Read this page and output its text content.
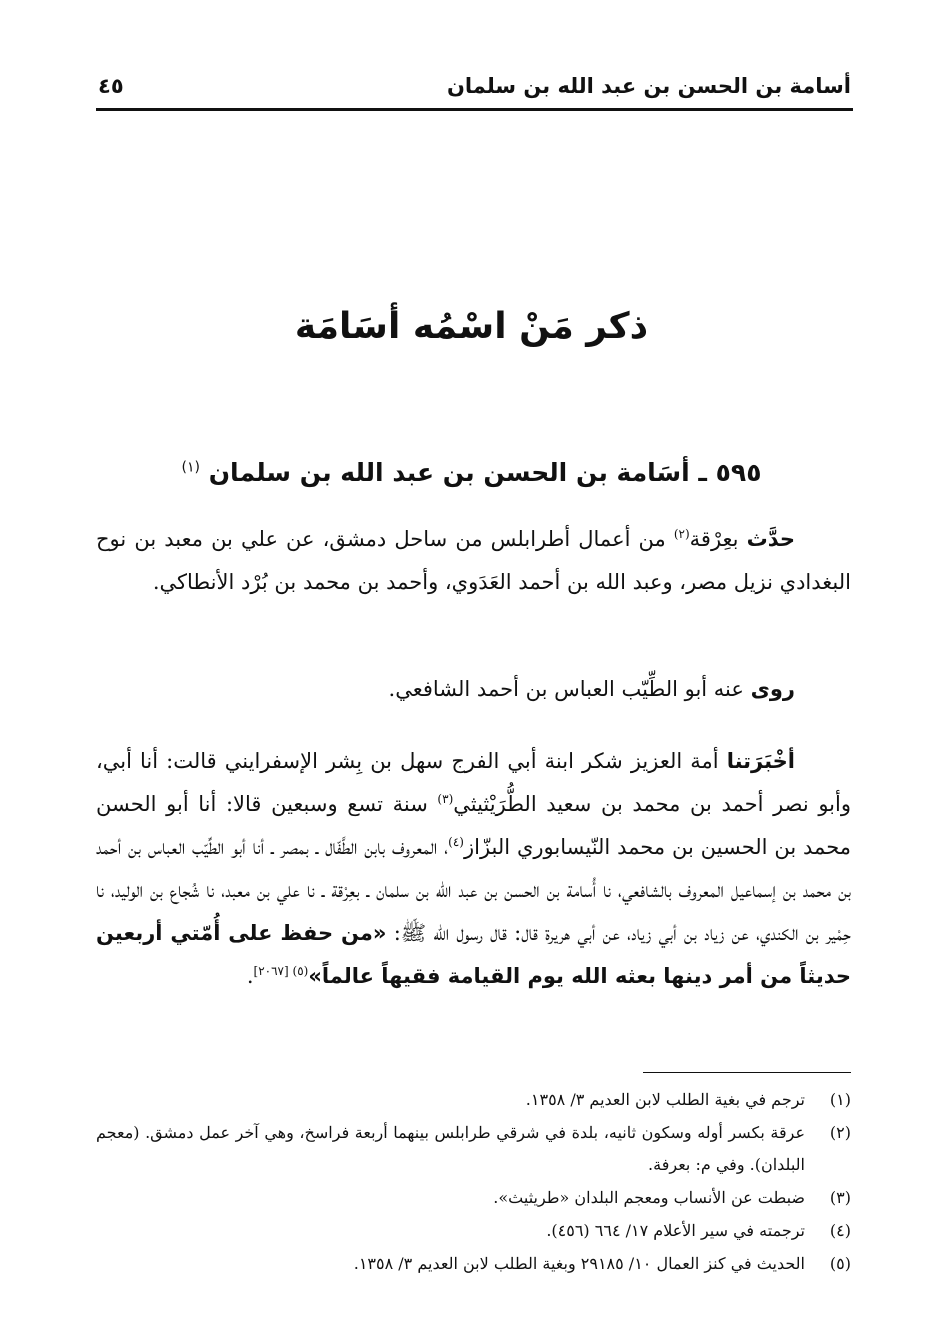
أسامة بن الحسن بن عبد الله بن سلمان
٤٥
ذكر مَنْ اسْمُه أسَامَة
٥٩٥ ـ أسَامة بن الحسن بن عبد الله بن سلمان $^{(١)}$
حدَّث بعِرْقة$^{(٢)}$ من أعمال أطرابلس من ساحل دمشق، عن علي بن معبد بن نوح البغدادي نزيل مصر، وعبد الله بن أحمد العَدَوي، وأحمد بن محمد بن بُرْد الأنطاكي.
روى عنه أبو الطِّيّب العباس بن أحمد الشافعي.
أخْبَرَتنا أمة العزيز شكر ابنة أبي الفرج سهل بن بِشر الإسفرايني قالت: أنا أبي، وأبو نصر أحمد بن محمد بن سعيد الطُّرَيْثيثي$^{(٣)}$ سنة تسع وسبعين قالا: أنا أبو الحسن محمد بن الحسين بن محمد النّيسابوري البزّاز$^{(٤)}$، المعروف بابن الطَّفّال ـ بمصر ـ أنا أبو الطِّيّب العباس بن أحمد بن محمد بن إسماعيل المعروف بالشافعي، نا أُسامة بن الحسن بن عبد الله بن سلمان ـ بعِرْقة ـ نا علي بن معبد، نا شُجاع بن الوليد، نا حِمْير بن الكندي، عن زياد بن أبي زياد، عن أبي هريرة قال: قال رسول الله ﷺ: «من حفظ على أُمّتي أربعين حديثاً من أمر دينها بعثه الله يوم القيامة فقيهاً عالماً»$^{(٥)}$ [٢٠٦٧].
(١)
ترجم في بغية الطلب لابن العديم ٣/ ١٣٥٨.
(٢)
عرقة بكسر أوله وسكون ثانيه، بلدة في شرقي طرابلس بينهما أربعة فراسخ، وهي آخر عمل دمشق. (معجم البلدان). وفي م: بعرفة.
(٣)
ضبطت عن الأنساب ومعجم البلدان «طريثيث».
(٤)
ترجمته في سير الأعلام ١٧/ ٦٦٤ (٤٥٦).
(٥)
الحديث في كنز العمال ١٠/ ٢٩١٨٥ وبغية الطلب لابن العديم ٣/ ١٣٥٨.
